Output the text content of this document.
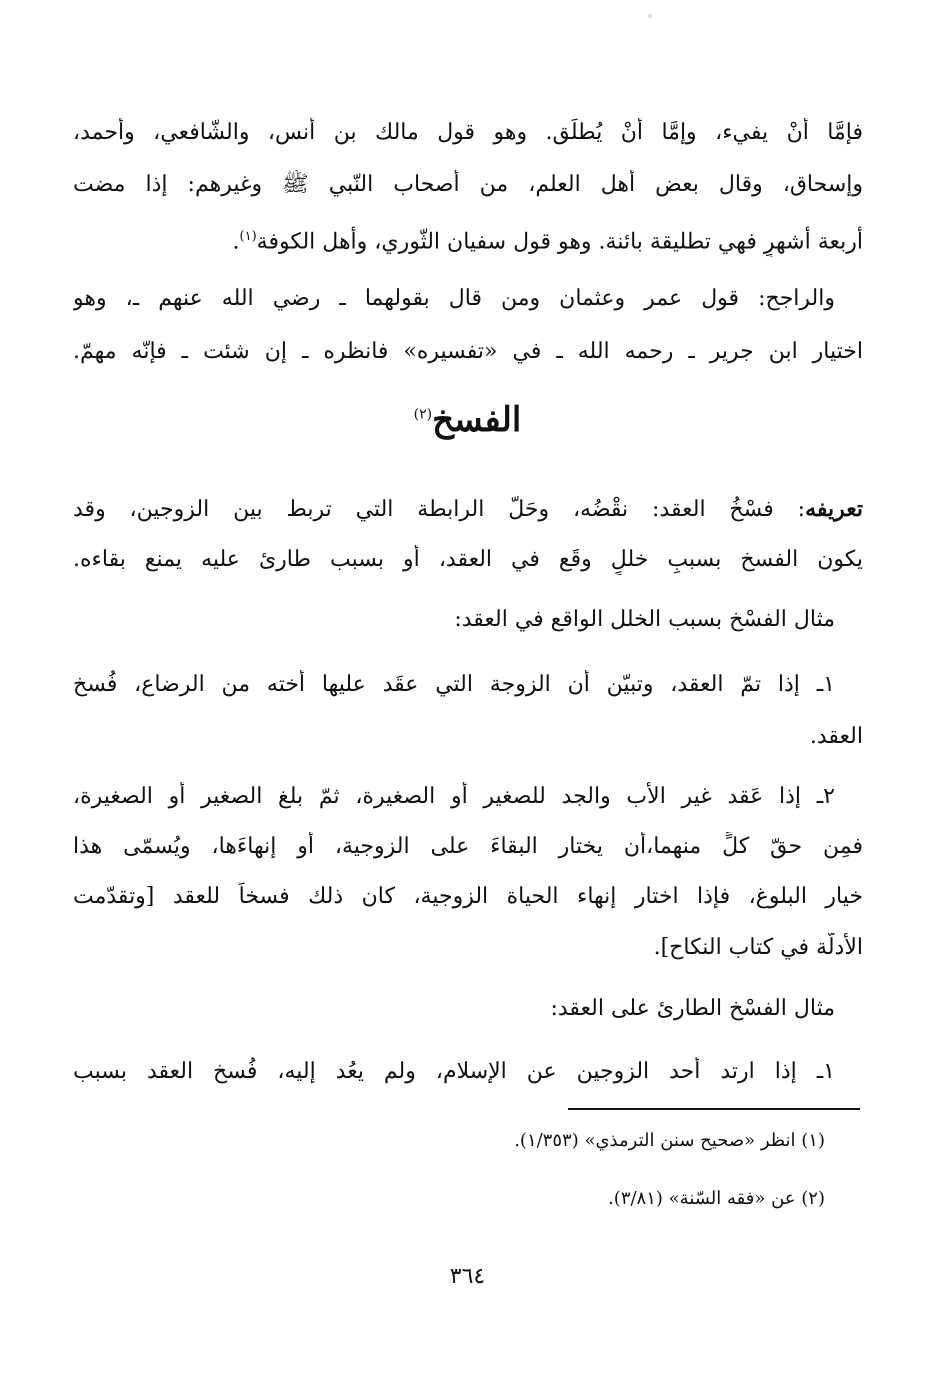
فإمَّا أنْ يفيء، وإمَّا أنْ يُطلِّق. وهو قول مالك بن أنس، والشّافعي، وأحمد،
وإسحاق، وقال بعض أهل العلم، من أصحاب النّبي ﷺ وغيرهم: إذا مضت
أربعة أشهرٍ فهي تطليقة بائنة. وهو قول سفيان الثّوري، وأهل الكوفة$^{(١)}$.
والراجح: قول عمر وعثمان ومن قال بقولهما ـ رضي الله عنهم ـ، وهو
اختيار ابن جرير ـ رحمه الله ـ في «تفسيره» فانظره ـ إن شئت ـ فإنّه مهمّ.
الفسخ$^{(٢)}$
تعريفه: فسْخُ العقد: نقْضُه، وحَلّ الرابطة التي تربط بين الزوجين، وقد
يكون الفسخ بسببِ خللٍ وقَع في العقد، أو بسبب طارئ عليه يمنع بقاءه.
مثال الفسْخ بسبب الخلل الواقع في العقد:
١ـ إذا تمّ العقد، وتبيّن أن الزوجة التي عقَد عليها أخته من الرضاع، فُسخ
العقد.
٢ـ إذا عَقد غير الأب والجد للصغير أو الصغيرة، ثمّ بلغ الصغير أو الصغيرة،
فمِن حقّ كلٍّ منهما،أن يختار البقاءَ على الزوجية، أو إنهاءَها، ويُسمّى هذا
خيار البلوغ، فإذا اختار إنهاء الحياة الزوجية، كان ذلك فسخاً للعقد [وتقدّمت
الأدلّة في كتاب النكاح].
مثال الفسْخ الطارئ على العقد:
١ـ إذا ارتد أحد الزوجين عن الإسلام، ولم يعُد إليه، فُسخ العقد بسبب
(١) انظر «صحيح سنن الترمذي» (١/٣٥٣).
(٢) عن «فقه السّنة» (٣/٨١).
٣٦٤
